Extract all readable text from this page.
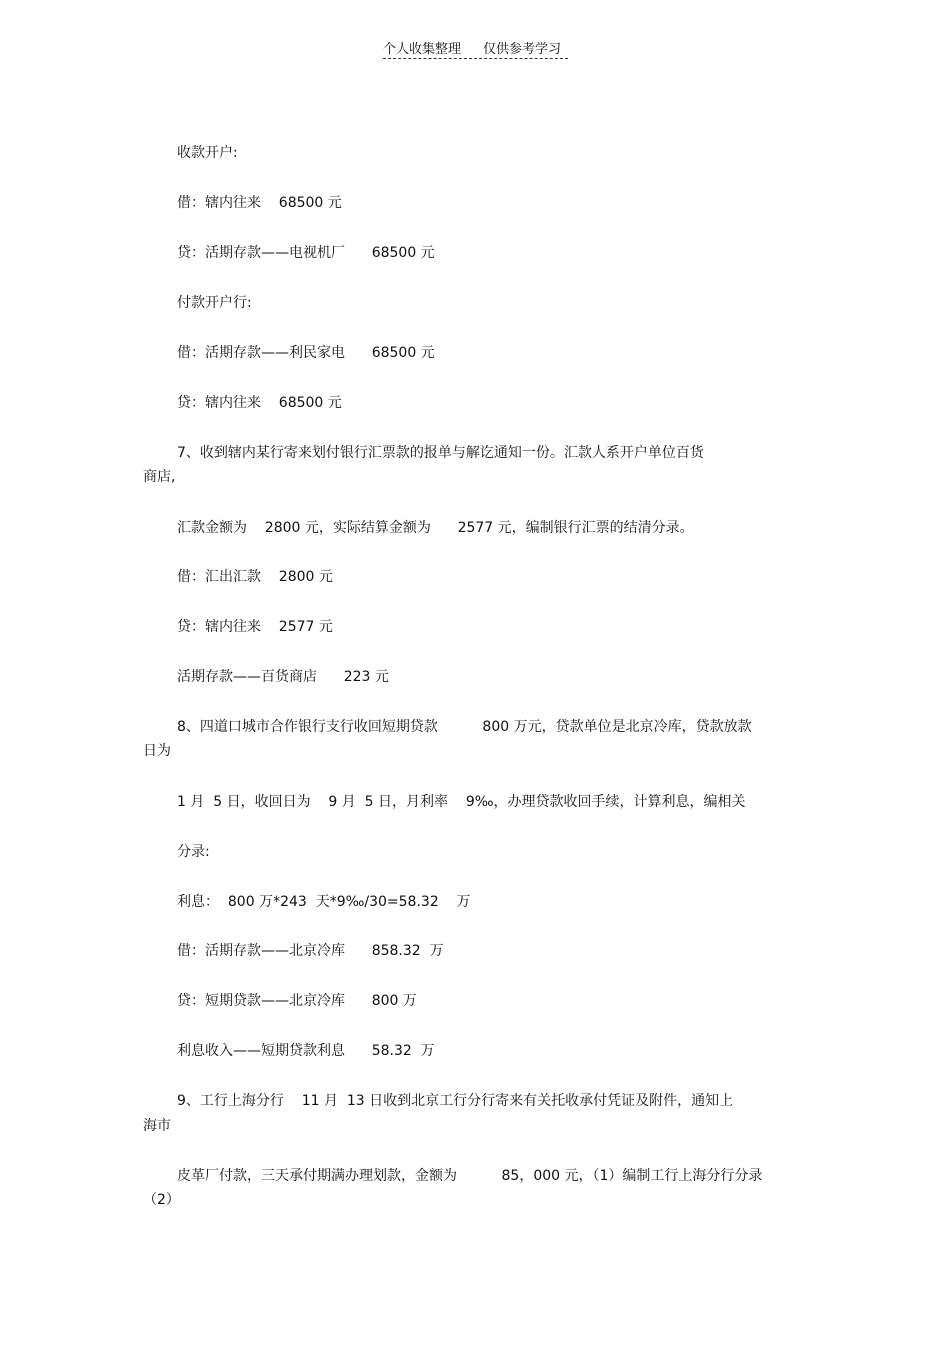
个人收集整理 仅供参考学习
收款开户:
借：辖内往来    68500 元
贷：活期存款——电视机厂      68500 元
付款开户行:
借：活期存款——利民家电      68500 元
贷：辖内往来    68500 元
7、收到辖内某行寄来划付银行汇票款的报单与解讫通知一份。汇款人系开户单位百货
商店,
汇款金额为    2800 元，实际结算金额为      2577 元，编制银行汇票的结清分录。
借：汇出汇款    2800 元
贷：辖内往来    2577 元
活期存款——百货商店      223 元
8、四道口城市合作银行支行收回短期贷款          800 万元，贷款单位是北京冷库，贷款放款
日为
1 月  5 日，收回日为    9 月  5 日，月利率    9‰，办理贷款收回手续，计算利息，编相关
分录:
利息：  800 万*243  天*9‰/30=58.32    万
借：活期存款——北京冷库      858.32  万
贷：短期贷款——北京冷库      800 万
利息收入——短期贷款利息      58.32  万
9、工行上海分行    11 月  13 日收到北京工行分行寄来有关托收承付凭证及附件，通知上
海市
皮革厂付款，三天承付期满办理划款，金额为          85，000 元，（1）编制工行上海分行分录
（2）
